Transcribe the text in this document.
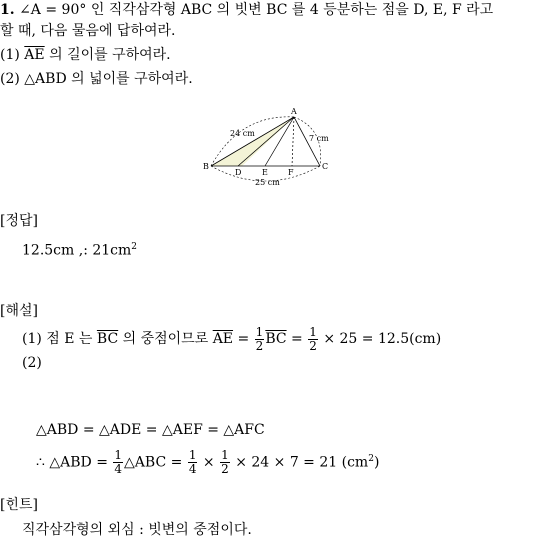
1. ∠A = 90° 인 직각삼각형 ABC 의 빗변 BC 를 4 등분하는 점을 D, E, F 라고
할 때, 다음 물음에 답하여라.
(1) $\overline{AE}$ 의 길이를 구하여라.
(2) △ABD 의 넓이를 구하여라.
A
B	C
D	E	F
24 cm
7 cm
25 cm
[정답]
12.5cm ,: $21cm^2$
[해설]
(1) 점 E 는 $\overline{BC}$ 의 중점이므로 $\overline{AE} = \frac{1}{2} \overline{BC} = \frac{1}{2} \times 25 = 12.5(cm)$
(2)
△ABD = △ADE = △AEF = △AFC
∴ △ABD = $\frac{1}{4}$ △ABC = $\frac{1}{4} \times \frac{1}{2} \times 24 \times 7 = 21$ $(cm^2)$
[힌트]
직각삼각형의 외심 : 빗변의 중점이다.
